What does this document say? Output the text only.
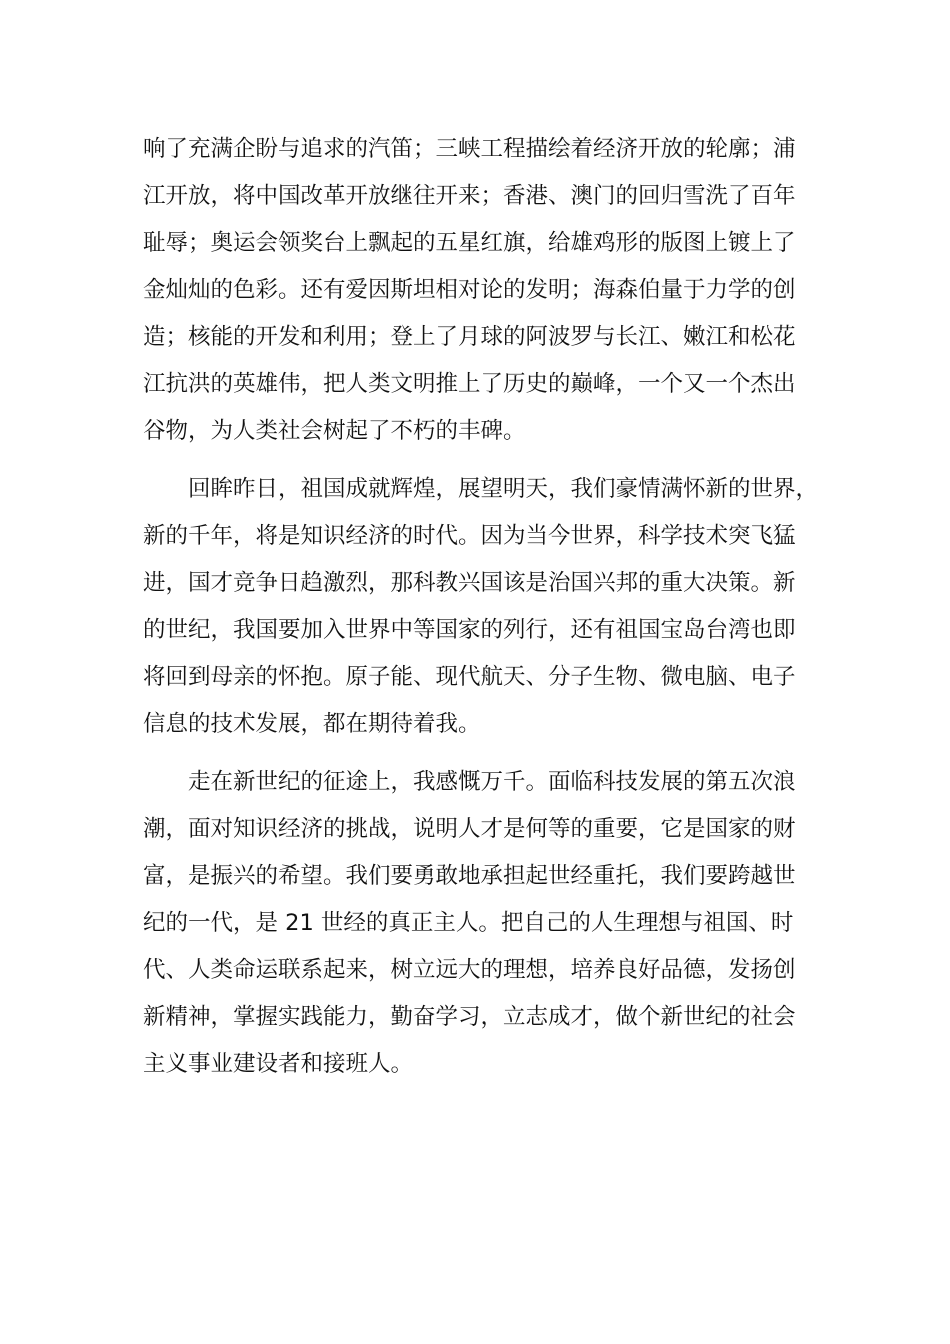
响了充满企盼与追求的汽笛；三峡工程描绘着经济开放的轮廓；浦
江开放，将中国改革开放继往开来；香港、澳门的回归雪洗了百年
耻辱；奥运会领奖台上飘起的五星红旗，给雄鸡形的版图上镀上了
金灿灿的色彩。还有爱因斯坦相对论的发明；海森伯量于力学的创
造；核能的开发和利用；登上了月球的阿波罗与长江、嫩江和松花
江抗洪的英雄伟，把人类文明推上了历史的巅峰，一个又一个杰出
谷物，为人类社会树起了不朽的丰碑。
　　回眸昨日，祖国成就辉煌，展望明天，我们豪情满怀新的世界，
新的千年，将是知识经济的时代。因为当今世界，科学技术突飞猛
进，国才竞争日趋激烈，那科教兴国该是治国兴邦的重大决策。新
的世纪，我国要加入世界中等国家的列行，还有祖国宝岛台湾也即
将回到母亲的怀抱。原子能、现代航天、分子生物、微电脑、电子
信息的技术发展，都在期待着我。
　　走在新世纪的征途上，我感慨万千。面临科技发展的第五次浪
潮，面对知识经济的挑战，说明人才是何等的重要，它是国家的财
富，是振兴的希望。我们要勇敢地承担起世经重托，我们要跨越世
纪的一代，是 21 世经的真正主人。把自己的人生理想与祖国、时
代、人类命运联系起来，树立远大的理想，培养良好品德，发扬创
新精神，掌握实践能力，勤奋学习，立志成才，做个新世纪的社会
主义事业建设者和接班人。
